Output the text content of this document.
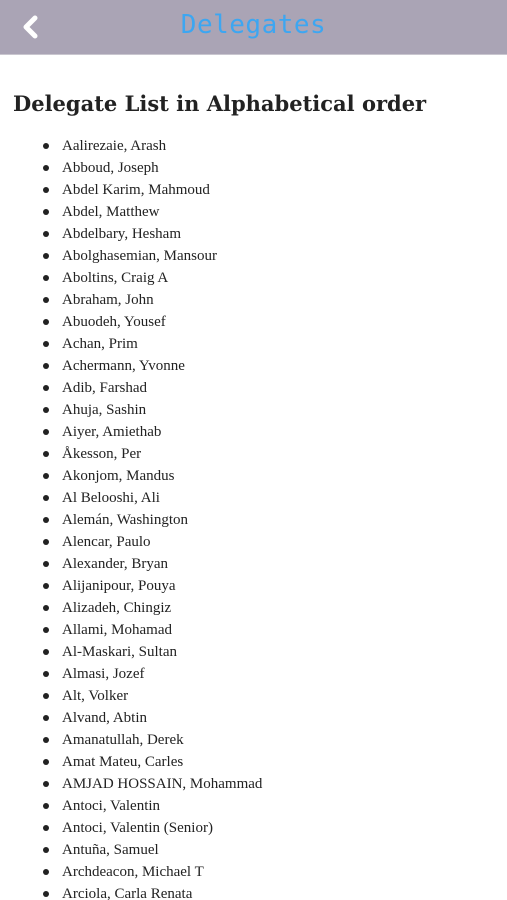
Delegates
Delegate List in Alphabetical order
Aalirezaie, Arash
Abboud, Joseph
Abdel Karim, Mahmoud
Abdel, Matthew
Abdelbary, Hesham
Abolghasemian, Mansour
Aboltins, Craig A
Abraham, John
Abuodeh, Yousef
Achan, Prim
Achermann, Yvonne
Adib, Farshad
Ahuja, Sashin
Aiyer, Amiethab
Åkesson, Per
Akonjom, Mandus
Al Belooshi, Ali
Alemán, Washington
Alencar, Paulo
Alexander, Bryan
Alijanipour, Pouya
Alizadeh, Chingiz
Allami, Mohamad
Al-Maskari, Sultan
Almasi, Jozef
Alt, Volker
Alvand, Abtin
Amanatullah, Derek
Amat Mateu, Carles
AMJAD HOSSAIN, Mohammad
Antoci, Valentin
Antoci, Valentin (Senior)
Antuña, Samuel
Archdeacon, Michael T
Arciola, Carla Renata
